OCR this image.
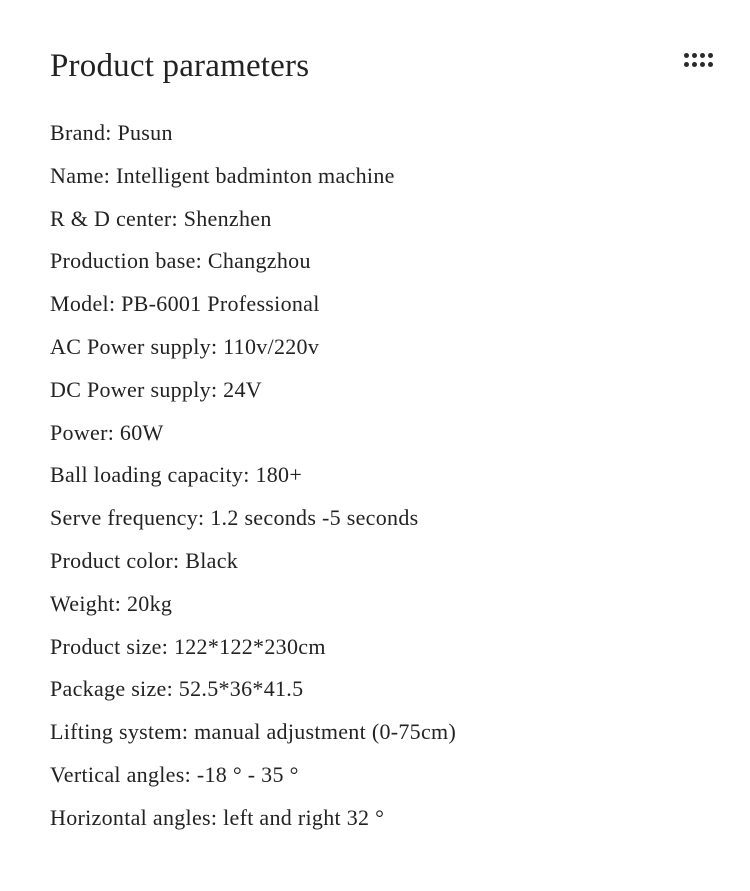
Product parameters
Brand: Pusun
Name: Intelligent badminton machine
R & D center: Shenzhen
Production base: Changzhou
Model: PB-6001 Professional
AC Power supply: 110v/220v
DC Power supply: 24V
Power: 60W
Ball loading capacity: 180+
Serve frequency: 1.2 seconds -5 seconds
Product color: Black
Weight: 20kg
Product size: 122*122*230cm
Package size: 52.5*36*41.5
Lifting system: manual adjustment (0-75cm)
Vertical angles: -18 ° - 35 °
Horizontal angles: left and right 32 °
